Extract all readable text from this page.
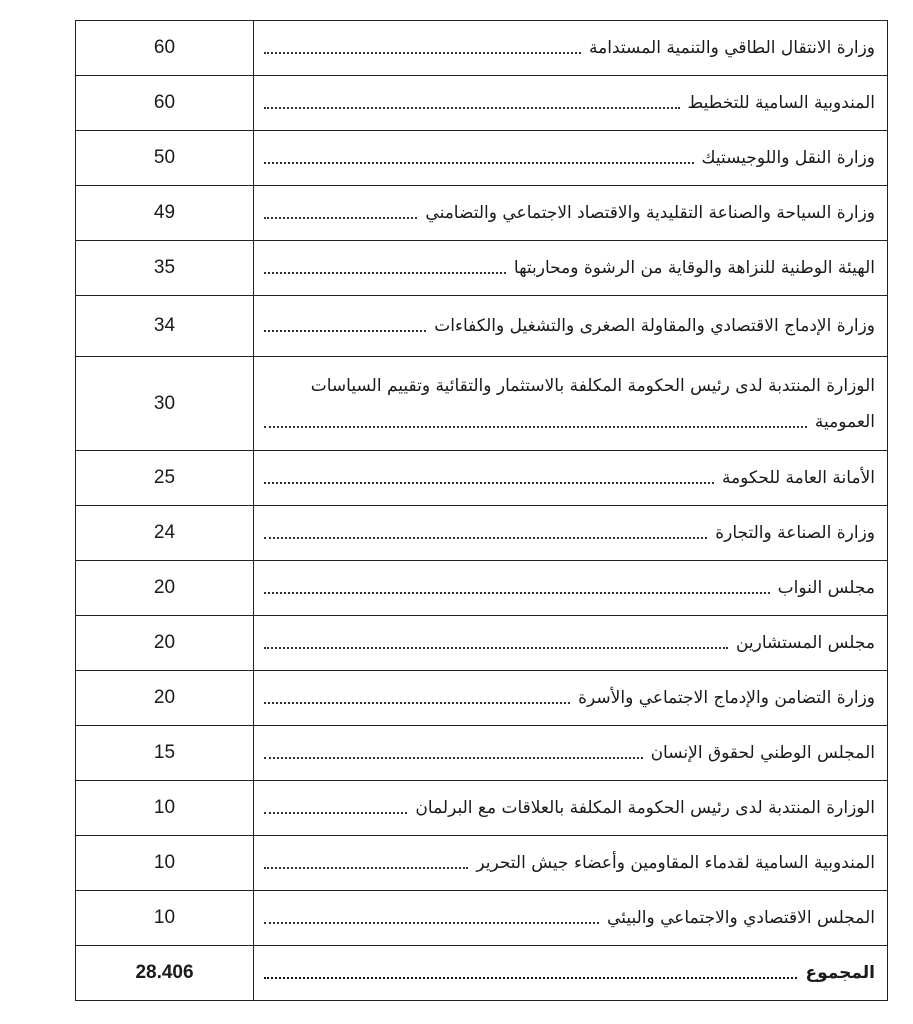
60	وزارة الانتقال الطاقي والتنمية المستدامة

60	المندوبية السامية للتخطيط

50	وزارة النقل واللوجيستيك

49	وزارة السياحة والصناعة التقليدية والاقتصاد الاجتماعي والتضامني

35	الهيئة الوطنية للنزاهة والوقاية من الرشوة ومحاربتها

34	وزارة الإدماج الاقتصادي والمقاولة الصغرى والتشغيل والكفاءات

30	الوزارة المنتدبة لدى رئيس الحكومة المكلفة بالاستثمار والتقائية وتقييم السياسات
العمومية

25	الأمانة العامة للحكومة

24	وزارة الصناعة والتجارة

20	مجلس النواب

20	مجلس المستشارين

20	وزارة التضامن والإدماج الاجتماعي والأسرة

15	المجلس الوطني لحقوق الإنسان

10	الوزارة المنتدبة لدى رئيس الحكومة المكلفة بالعلاقات مع البرلمان

10	المندوبية السامية لقدماء المقاومين وأعضاء جيش التحرير

10	المجلس الاقتصادي والاجتماعي والبيئي

28.406	المجموع
